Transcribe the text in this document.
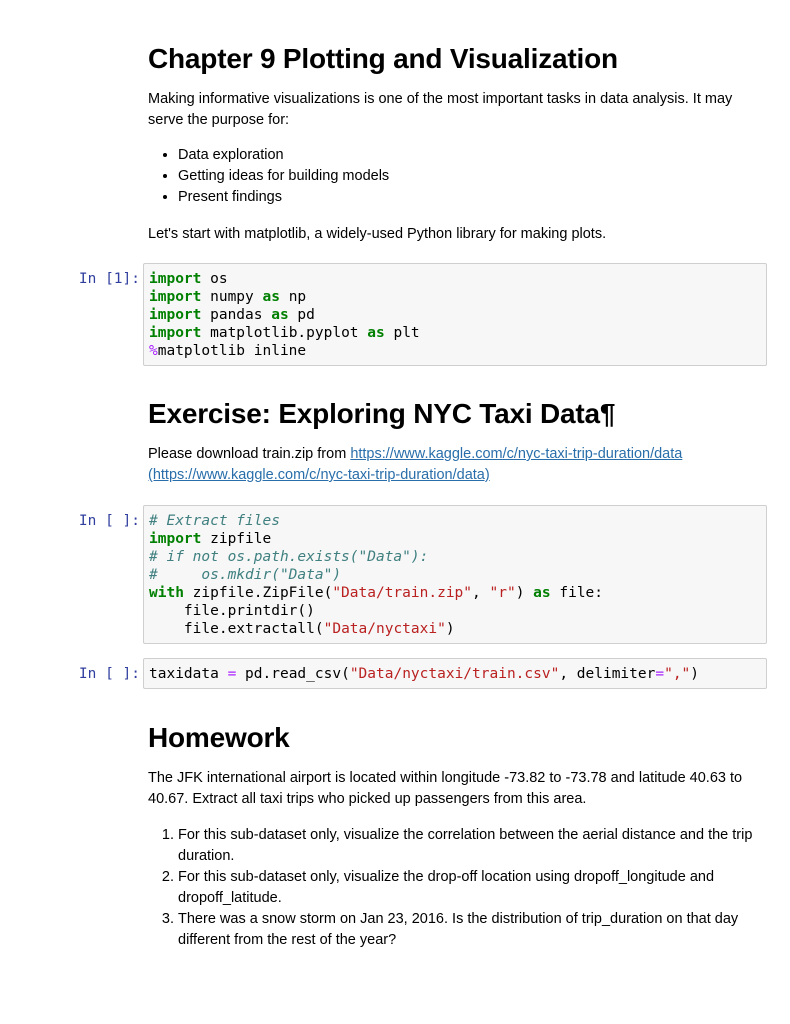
Chapter 9 Plotting and Visualization

Making informative visualizations is one of the most important tasks in data analysis. It may serve the purpose for:

• Data exploration
• Getting ideas for building models
• Present findings

Let's start with matplotlib, a widely-used Python library for making plots.

In [1]: import os
import numpy as np
import pandas as pd
import matplotlib.pyplot as plt
%matplotlib inline
Exercise: Exploring NYC Taxi Data¶

Please download train.zip from https://www.kaggle.com/c/nyc-taxi-trip-duration/data
(https://www.kaggle.com/c/nyc-taxi-trip-duration/data)

In [ ]: # Extract files
import zipfile
# if not os.path.exists("Data"):
#     os.mkdir("Data")
with zipfile.ZipFile("Data/train.zip", "r") as file:
file.printdir()
file.extractall("Data/nyctaxi")
In [ ]: taxidata = pd.read_csv("Data/nyctaxi/train.csv", delimiter=",")
Homework

The JFK international airport is located within longitude -73.82 to -73.78 and latitude 40.63 to 40.67. Extract all taxi trips who picked up passengers from this area.

1. For this sub-dataset only, visualize the correlation between the aerial distance and the trip duration.
2. For this sub-dataset only, visualize the drop-off location using dropoff_longitude and dropoff_latitude.
3. There was a snow storm on Jan 23, 2016. Is the distribution of trip_duration on that day different from the rest of the year?
